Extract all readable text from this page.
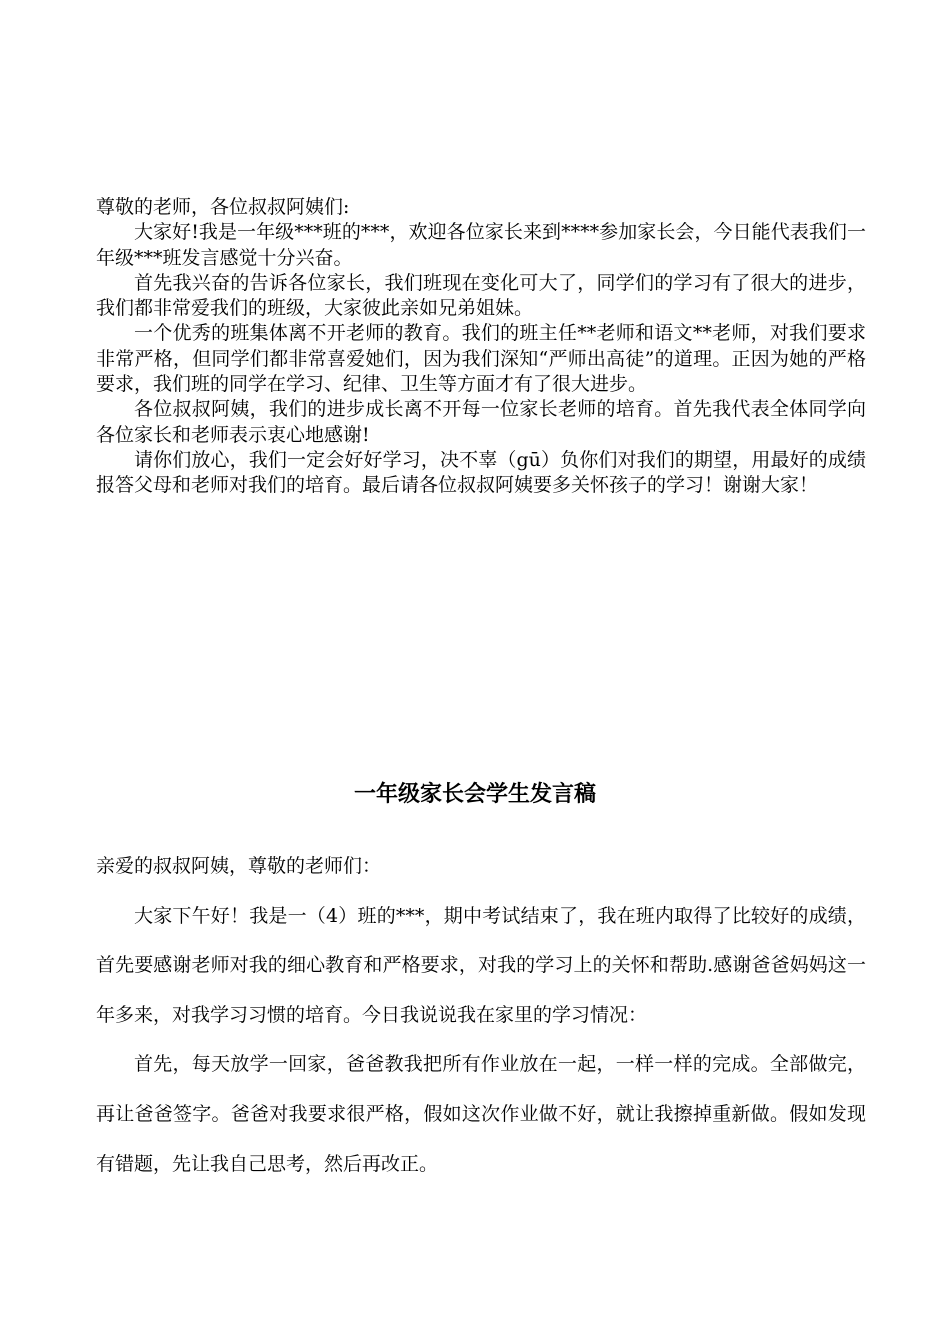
尊敬的老师，各位叔叔阿姨们:

大家好!我是一年级***班的***，欢迎各位家长来到****参加家长会，今日能代表我们一年级***班发言感觉十分兴奋。

首先我兴奋的告诉各位家长，我们班现在变化可大了，同学们的学习有了很大的进步，我们都非常爱我们的班级，大家彼此亲如兄弟姐妹。

一个优秀的班集体离不开老师的教育。我们的班主任**老师和语文**老师，对我们要求非常严格，但同学们都非常喜爱她们，因为我们深知“严师出高徒”的道理。正因为她的严格要求，我们班的同学在学习、纪律、卫生等方面才有了很大进步。

各位叔叔阿姨，我们的进步成长离不开每一位家长老师的培育。首先我代表全体同学向各位家长和老师表示衷心地感谢!

请你们放心，我们一定会好好学习，决不辜（gū）负你们对我们的期望，用最好的成绩报答父母和老师对我们的培育。最后请各位叔叔阿姨要多关怀孩子的学习！谢谢大家！

一年级家长会学生发言稿

亲爱的叔叔阿姨，尊敬的老师们：

大家下午好！我是一（4）班的***，期中考试结束了，我在班内取得了比较好的成绩，首先要感谢老师对我的细心教育和严格要求，对我的学习上的关怀和帮助.感谢爸爸妈妈这一年多来，对我学习习惯的培育。今日我说说我在家里的学习情况：

首先，每天放学一回家，爸爸教我把所有作业放在一起，一样一样的完成。全部做完，再让爸爸签字。爸爸对我要求很严格，假如这次作业做不好，就让我擦掉重新做。假如发现有错题，先让我自己思考，然后再改正。
